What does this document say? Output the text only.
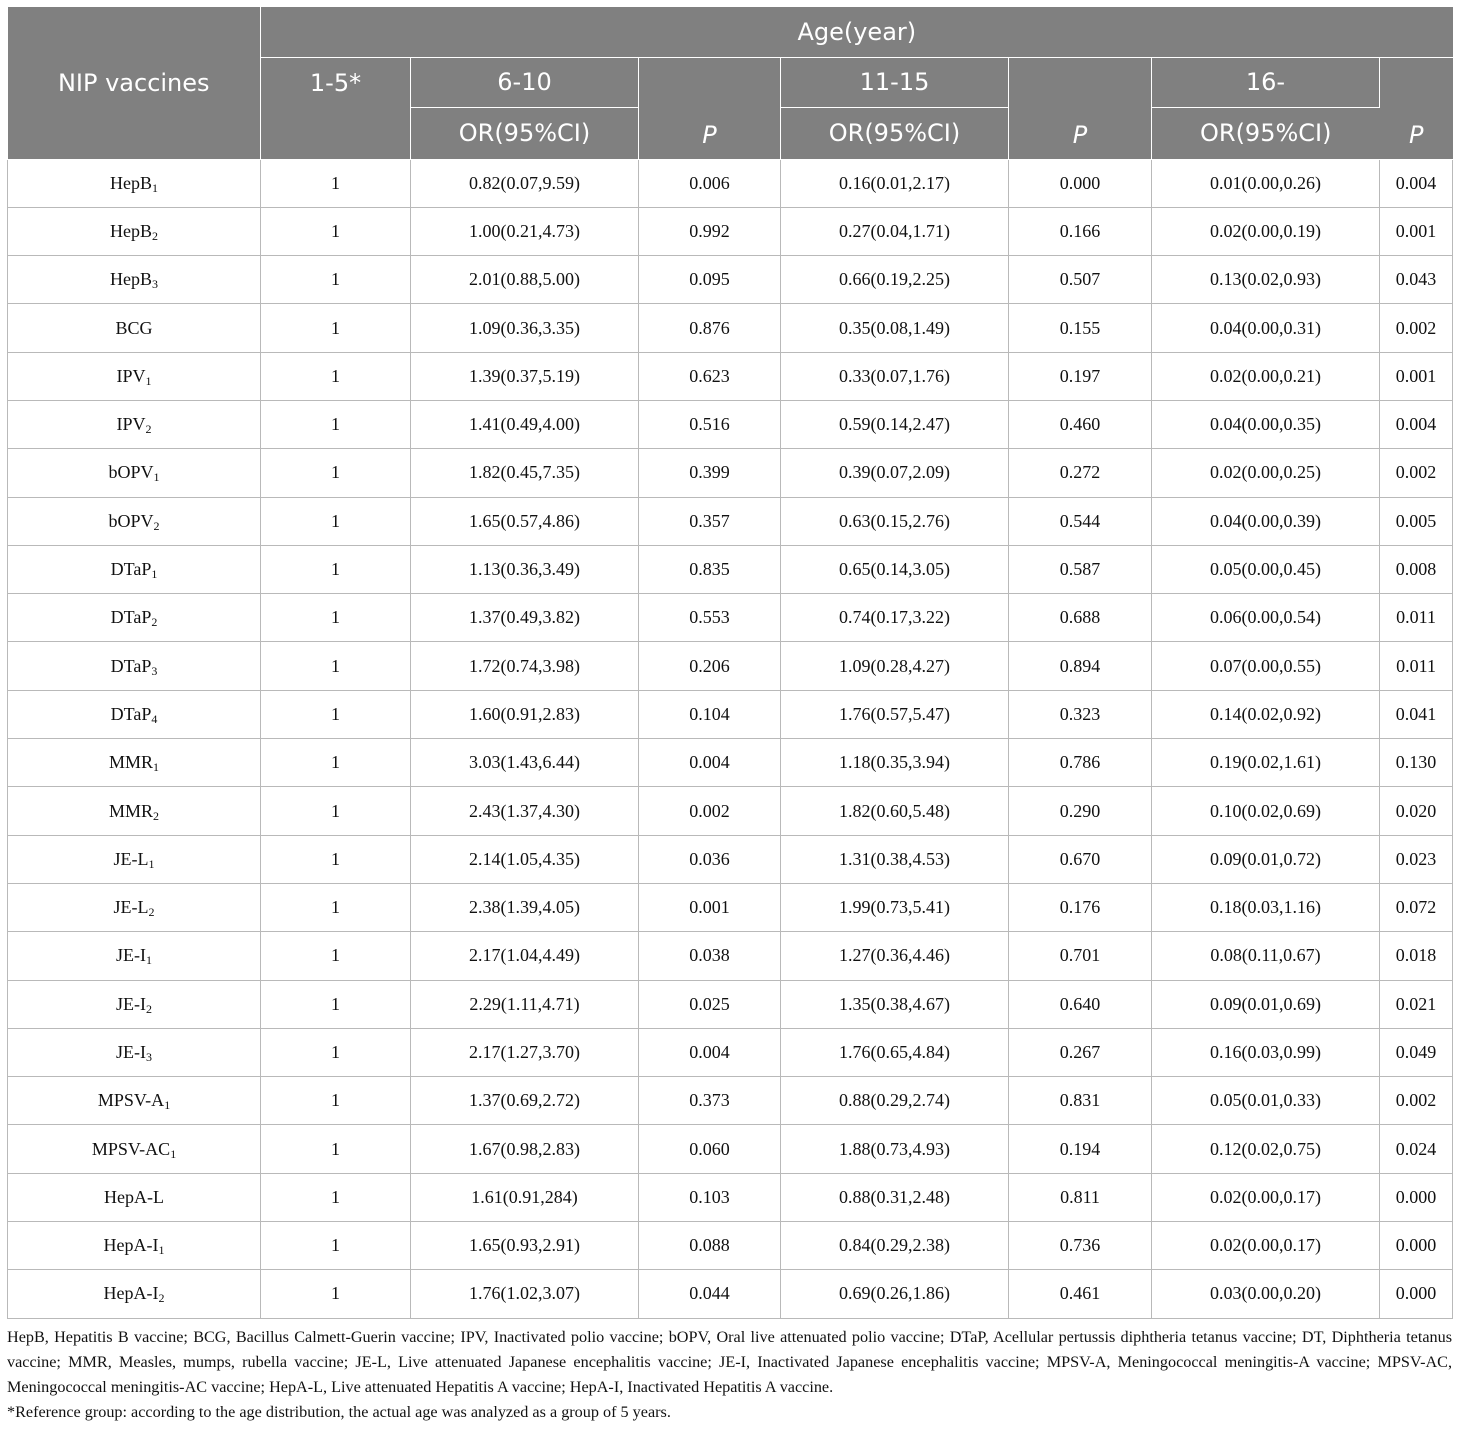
NIP vaccines	Age(year)						
	1-5*	6-10	P	11-15	P	16-	P
		OR(95%CI)		OR(95%CI)		OR(95%CI)	
HepB$_1$	1	0.82(0.07,9.59)	0.006	0.16(0.01,2.17)	0.000	0.01(0.00,0.26)	0.004
HepB$_2$	1	1.00(0.21,4.73)	0.992	0.27(0.04,1.71)	0.166	0.02(0.00,0.19)	0.001
HepB$_3$	1	2.01(0.88,5.00)	0.095	0.66(0.19,2.25)	0.507	0.13(0.02,0.93)	0.043
BCG	1	1.09(0.36,3.35)	0.876	0.35(0.08,1.49)	0.155	0.04(0.00,0.31)	0.002
$IPV_1$	1	1.39(0.37,5.19)	0.623	0.33(0.07,1.76)	0.197	0.02(0.00,0.21)	0.001
$IPV_2$	1	1.41(0.49,4.00)	0.516	0.59(0.14,2.47)	0.460	0.04(0.00,0.35)	0.004
bOPV$_1$	1	1.82(0.45,7.35)	0.399	0.39(0.07,2.09)	0.272	0.02(0.00,0.25)	0.002
bOPV$_2$	1	1.65(0.57,4.86)	0.357	0.63(0.15,2.76)	0.544	0.04(0.00,0.39)	0.005
DTaP$_1$	1	1.13(0.36,3.49)	0.835	0.65(0.14,3.05)	0.587	0.05(0.00,0.45)	0.008
DTaP$_2$	1	1.37(0.49,3.82)	0.553	0.74(0.17,3.22)	0.688	0.06(0.00,0.54)	0.011
DTaP$_3$	1	1.72(0.74,3.98)	0.206	1.09(0.28,4.27)	0.894	0.07(0.00,0.55)	0.011
DTaP$_4$	1	1.60(0.91,2.83)	0.104	1.76(0.57,5.47)	0.323	0.14(0.02,0.92)	0.041
$MMR_1$	1	3.03(1.43,6.44)	0.004	1.18(0.35,3.94)	0.786	0.19(0.02,1.61)	0.130
$MMR_2$	1	2.43(1.37,4.30)	0.002	1.82(0.60,5.48)	0.290	0.10(0.02,0.69)	0.020
$JE-L_1$	1	2.14(1.05,4.35)	0.036	1.31(0.38,4.53)	0.670	0.09(0.01,0.72)	0.023
$JE-L_2$	1	2.38(1.39,4.05)	0.001	1.99(0.73,5.41)	0.176	0.18(0.03,1.16)	0.072
$JE-I_1$	1	2.17(1.04,4.49)	0.038	1.27(0.36,4.46)	0.701	0.08(0.11,0.67)	0.018
$JE-I_2$	1	2.29(1.11,4.71)	0.025	1.35(0.38,4.67)	0.640	0.09(0.01,0.69)	0.021
$JE-I_3$	1	2.17(1.27,3.70)	0.004	1.76(0.65,4.84)	0.267	0.16(0.03,0.99)	0.049
MPSV-$A_1$	1	1.37(0.69,2.72)	0.373	0.88(0.29,2.74)	0.831	0.05(0.01,0.33)	0.002
MPSV-$AC_1$	1	1.67(0.98,2.83)	0.060	1.88(0.73,4.93)	0.194	0.12(0.02,0.75)	0.024
HepA-L	1	1.61(0.91,284)	0.103	0.88(0.31,2.48)	0.811	0.02(0.00,0.17)	0.000
HepA-$I_1$	1	1.65(0.93,2.91)	0.088	0.84(0.29,2.38)	0.736	0.02(0.00,0.17)	0.000
HepA-$I_2$	1	1.76(1.02,3.07)	0.044	0.69(0.26,1.86)	0.461	0.03(0.00,0.20)	0.000

HepB, Hepatitis B vaccine; BCG, Bacillus Calmett-Guerin vaccine; IPV, Inactivated polio vaccine; bOPV, Oral live attenuated polio vaccine; DTaP, Acellular pertussis diphtheria tetanus vaccine; DT, Diphtheria tetanus vaccine; MMR, Measles, mumps, rubella vaccine; JE-L, Live attenuated Japanese encephalitis vaccine; JE-I, Inactivated Japanese encephalitis vaccine; MPSV-A, Meningococcal meningitis-A vaccine; MPSV-AC, Meningococcal meningitis-AC vaccine; HepA-L, Live attenuated Hepatitis A vaccine; HepA-I, Inactivated Hepatitis A vaccine.

*Reference group: according to the age distribution, the actual age was analyzed as a group of 5 years.
